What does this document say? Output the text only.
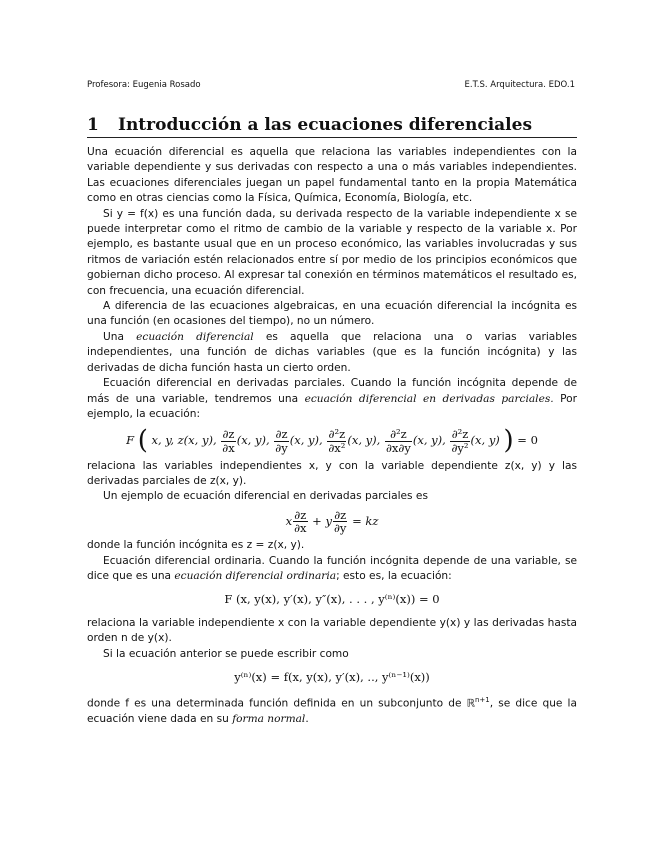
Profesora: Eugenia Rosado	E.T.S. Arquitectura. EDO.1
1 Introducción a las ecuaciones diferenciales

Una ecuación diferencial es aquella que relaciona las variables independientes con la variable dependiente y sus derivadas con respecto a una o más variables independientes. Las ecuaciones diferenciales juegan un papel fundamental tanto en la propia Matemática como en otras ciencias como la Física, Química, Economía, Biología, etc.

Si y = f(x) es una función dada, su derivada respecto de la variable independiente x se puede interpretar como el ritmo de cambio de la variable y respecto de la variable x. Por ejemplo, es bastante usual que en un proceso económico, las variables involucradas y sus ritmos de variación estén relacionados entre sí por medio de los principios económicos que gobiernan dicho proceso. Al expresar tal conexión en términos matemáticos el resultado es, con frecuencia, una ecuación diferencial.

A diferencia de las ecuaciones algebraicas, en una ecuación diferencial la incógnita es una función (en ocasiones del tiempo), no un número.

Una ecuación diferencial es aquella que relaciona una o varias variables independientes, una función de dichas variables (que es la función incógnita) y las derivadas de dicha función hasta un cierto orden.

Ecuación diferencial en derivadas parciales. Cuando la función incógnita depende de más de una variable, tendremos una ecuación diferencial en derivadas parciales. Por ejemplo, la ecuación:

F ( x, y, z(x, y), $\frac{\partial z}{\partial x} (x$, y), $\frac{\partial z}{\partial y} (x$, y), $\frac{\text{∂²z}}{\text{∂x²}} (x$, y), $\frac{\text{∂²z}}{\partial x\partial y} (x$, y), $\frac{\text{∂²z}}{\text{∂y²}} (x$, y) ) = 0

relaciona las variables independientes x, y con la variable dependiente z(x, y) y las derivadas parciales de z(x, y).

Un ejemplo de ecuación diferencial en derivadas parciales es

x $\frac{\partial z}{\partial x} + y \frac{\partial z}{\partial y}$ = kz

donde la función incógnita es z = z(x, y).

Ecuación diferencial ordinaria. Cuando la función incógnita depende de una variable, se dice que es una ecuación diferencial ordinaria; esto es, la ecuación:

F (x, y(x), y′(x), y″(x), . . . , y⁽ⁿ⁾(x)) = 0

relaciona la variable independiente x con la variable dependiente y(x) y las derivadas hasta orden n de y(x).

Si la ecuación anterior se puede escribir como

y⁽ⁿ⁾(x) = f(x, y(x), y′(x), .., y⁽ⁿ⁻¹⁾(x))

donde f es una determinada función definida en un subconjunto de ℝ$^{n+1}$, se dice que la ecuación viene dada en su forma normal.
